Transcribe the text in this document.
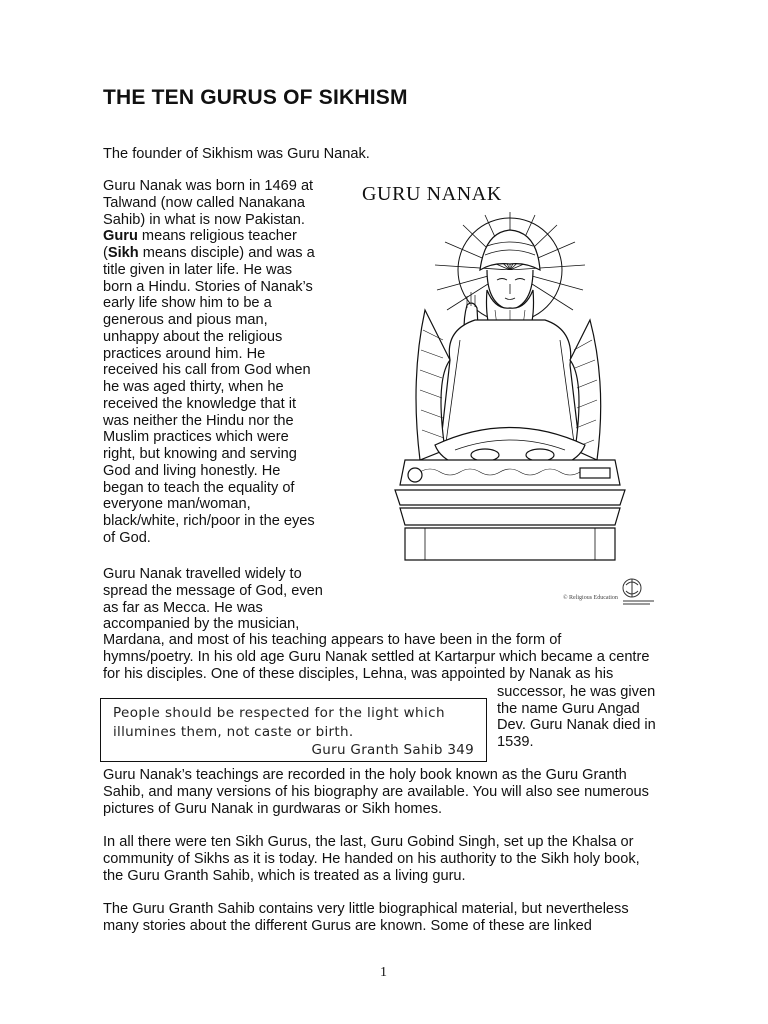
THE TEN GURUS OF SIKHISM

The founder of Sikhism was Guru Nanak.

Guru Nanak was born in 1469 at
Talwand (now called Nanakana
Sahib) in what is now Pakistan.
Guru means religious teacher
(Sikh means disciple) and was a
title given in later life. He was
born a Hindu. Stories of Nanak’s
early life show him to be a
generous and pious man,
unhappy about the religious
practices around him. He
received his call from God when
he was aged thirty, when he
received the knowledge that it
was neither the Hindu nor the
Muslim practices which were
right, but knowing and serving
God and living honestly. He
began to teach the equality of
everyone man/woman,
black/white, rich/poor in the eyes
of God.
Guru Nanak travelled widely to
spread the message of God, even
as far as Mecca. He was
accompanied by the musician,
Mardana, and most of his teaching appears to have been in the form of
hymns/poetry. In his old age Guru Nanak settled at Kartarpur which became a centre
for his disciples. One of these disciples, Lehna, was appointed by Nanak as his
successor, he was given
the name Guru Angad
Dev. Guru Nanak died in
1539.
People should be respected for the light which
illumines them, not caste or birth.
Guru Granth Sahib 349
Guru Nanak’s teachings are recorded in the holy book known as the Guru Granth
Sahib, and many versions of his biography are available. You will also see numerous
pictures of Guru Nanak in gurdwaras or Sikh homes.
In all there were ten Sikh Gurus, the last, Guru Gobind Singh, set up the Khalsa or
community of Sikhs as it is today. He handed on his authority to the Sikh holy book,
the Guru Granth Sahib, which is treated as a living guru.
The Guru Granth Sahib contains very little biographical material, but nevertheless
many stories about the different Gurus are known. Some of these are linked
GURU NANAK
© Religious Education
1
